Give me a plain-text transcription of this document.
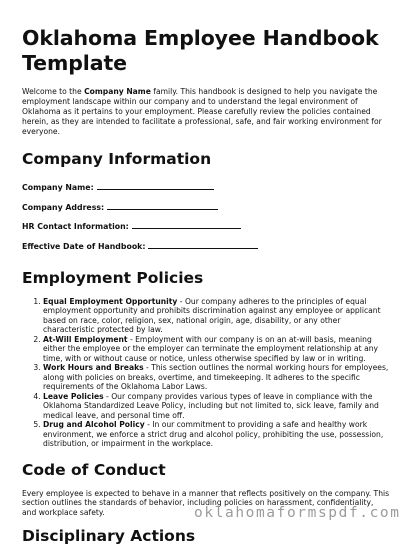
Oklahoma Employee Handbook Template

Welcome to the Company Name family. This handbook is designed to help you navigate the employment landscape within our company and to understand the legal environment of Oklahoma as it pertains to your employment. Please carefully review the policies contained herein, as they are intended to facilitate a professional, safe, and fair working environment for everyone.

Company Information
Company Name:
Company Address:
HR Contact Information:
Effective Date of Handbook:
Employment Policies
1. Equal Employment Opportunity - Our company adheres to the principles of equal employment opportunity and prohibits discrimination against any employee or applicant based on race, color, religion, sex, national origin, age, disability, or any other characteristic protected by law.
2. At-Will Employment - Employment with our company is on an at-will basis, meaning either the employee or the employer can terminate the employment relationship at any time, with or without cause or notice, unless otherwise specified by law or in writing.
3. Work Hours and Breaks - This section outlines the normal working hours for employees, along with policies on breaks, overtime, and timekeeping. It adheres to the specific requirements of the Oklahoma Labor Laws.
4. Leave Policies - Our company provides various types of leave in compliance with the Oklahoma Standardized Leave Policy, including but not limited to, sick leave, family and medical leave, and personal time off.
5. Drug and Alcohol Policy - In our commitment to providing a safe and healthy work environment, we enforce a strict drug and alcohol policy, prohibiting the use, possession, distribution, or impairment in the workplace.
Code of Conduct

Every employee is expected to behave in a manner that reflects positively on the company. This section outlines the standards of behavior, including policies on harassment, confidentiality, and workplace safety.

Disciplinary Actions
oklahomaformspdf.com
